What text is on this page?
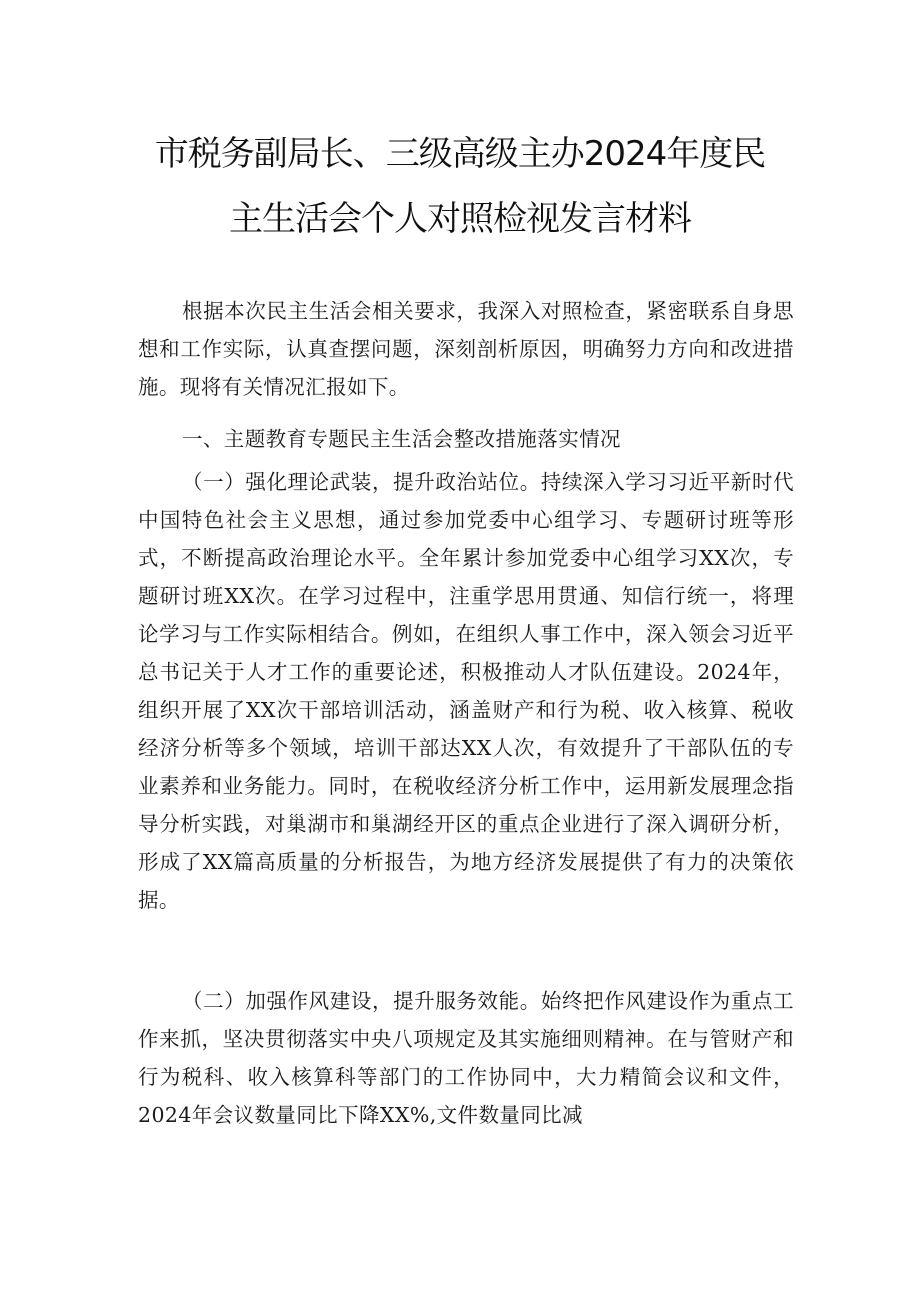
市税务副局长、三级高级主办2024年度民
主生活会个人对照检视发言材料

根据本次民主生活会相关要求，我深入对照检查，紧密联系自身思想和工作实际，认真查摆问题，深刻剖析原因，明确努力方向和改进措施。现将有关情况汇报如下。

一、主题教育专题民主生活会整改措施落实情况

（一）强化理论武装，提升政治站位。持续深入学习习近平新时代中国特色社会主义思想，通过参加党委中心组学习、专题研讨班等形式，不断提高政治理论水平。全年累计参加党委中心组学习XX次，专题研讨班XX次。在学习过程中，注重学思用贯通、知信行统一，将理论学习与工作实际相结合。例如，在组织人事工作中，深入领会习近平总书记关于人才工作的重要论述，积极推动人才队伍建设。2024年，组织开展了XX次干部培训活动，涵盖财产和行为税、收入核算、税收经济分析等多个领域，培训干部达XX人次，有效提升了干部队伍的专业素养和业务能力。同时，在税收经济分析工作中，运用新发展理念指导分析实践，对巢湖市和巢湖经开区的重点企业进行了深入调研分析，形成了XX篇高质量的分析报告，为地方经济发展提供了有力的决策依据。

（二）加强作风建设，提升服务效能。始终把作风建设作为重点工作来抓，坚决贯彻落实中央八项规定及其实施细则精神。在与管财产和行为税科、收入核算科等部门的工作协同中，大力精简会议和文件，2024年会议数量同比下降XX%,文件数量同比减
